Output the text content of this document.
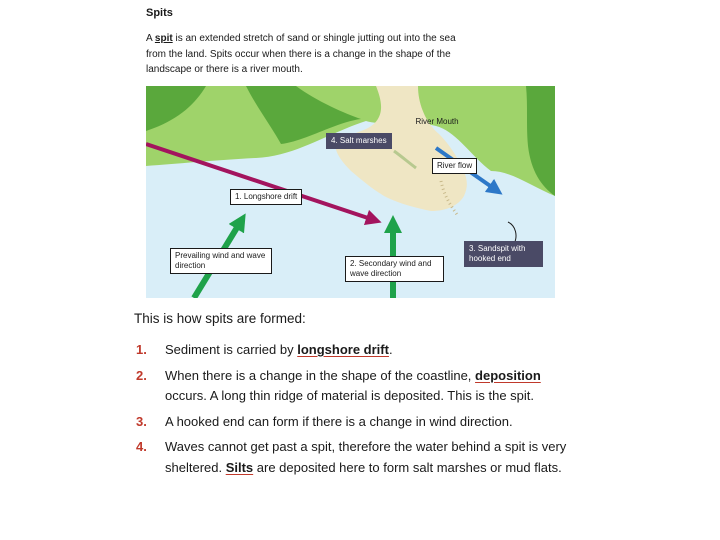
Spits
A spit is an extended stretch of sand or shingle jutting out into the sea from the land. Spits occur when there is a change in the shape of the landscape or there is a river mouth.
4. Salt marshes
River Mouth
River flow
1. Longshore drift
Prevailing wind and wave direction	2. Secondary wind and wave direction
3. Sandspit with hooked end
This is how spits are formed:
1. Sediment is carried by longshore drift.
2. When there is a change in the shape of the coastline, deposition occurs. A long thin ridge of material is deposited. This is the spit.
3. A hooked end can form if there is a change in wind direction.
4. Waves cannot get past a spit, therefore the water behind a spit is very sheltered. Silts are deposited here to form salt marshes or mud flats.
